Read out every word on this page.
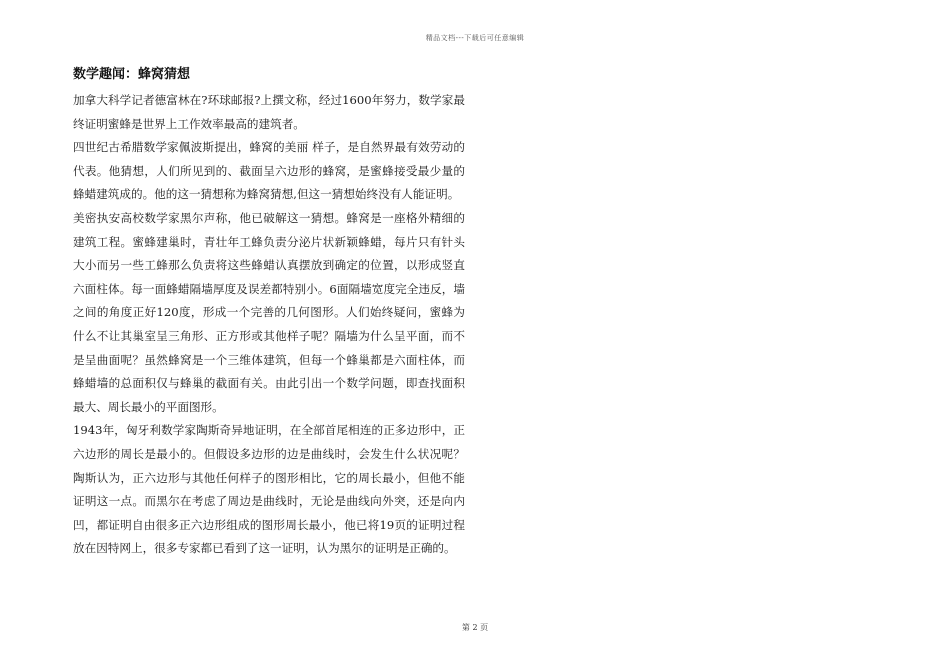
精品文档---下载后可任意编辑
数学趣闻：蜂窝猜想

加拿大科学记者德富林在?环球邮报?上撰文称，经过1600年努力，数学家最终证明蜜蜂是世界上工作效率最高的建筑者。

四世纪古希腊数学家佩波斯提出，蜂窝的美丽 样子，是自然界最有效劳动的代表。他猜想，人们所见到的、截面呈六边形的蜂窝，是蜜蜂接受最少量的蜂蜡建筑成的。他的这一猜想称为蜂窝猜想,但这一猜想始终没有人能证明。

美密执安高校数学家黑尔声称，他已破解这一猜想。蜂窝是一座格外精细的建筑工程。蜜蜂建巢时，青壮年工蜂负责分泌片状新颖蜂蜡，每片只有针头大小而另一些工蜂那么负责将这些蜂蜡认真摆放到确定的位置，以形成竖直六面柱体。每一面蜂蜡隔墙厚度及误差都特别小。6面隔墙宽度完全违反，墙之间的角度正好120度，形成一个完善的几何图形。人们始终疑问，蜜蜂为什么不让其巢室呈三角形、正方形或其他样子呢？隔墙为什么呈平面，而不是呈曲面呢？虽然蜂窝是一个三维体建筑，但每一个蜂巢都是六面柱体，而蜂蜡墙的总面积仅与蜂巢的截面有关。由此引出一个数学问题，即查找面积最大、周长最小的平面图形。

1943年，匈牙利数学家陶斯奇异地证明，在全部首尾相连的正多边形中，正六边形的周长是最小的。但假设多边形的边是曲线时，会发生什么状况呢？陶斯认为，正六边形与其他任何样子的图形相比，它的周长最小，但他不能证明这一点。而黑尔在考虑了周边是曲线时，无论是曲线向外突，还是向内凹，都证明自由很多正六边形组成的图形周长最小，他已将19页的证明过程放在因特网上，很多专家都已看到了这一证明，认为黑尔的证明是正确的。

第 2 页
